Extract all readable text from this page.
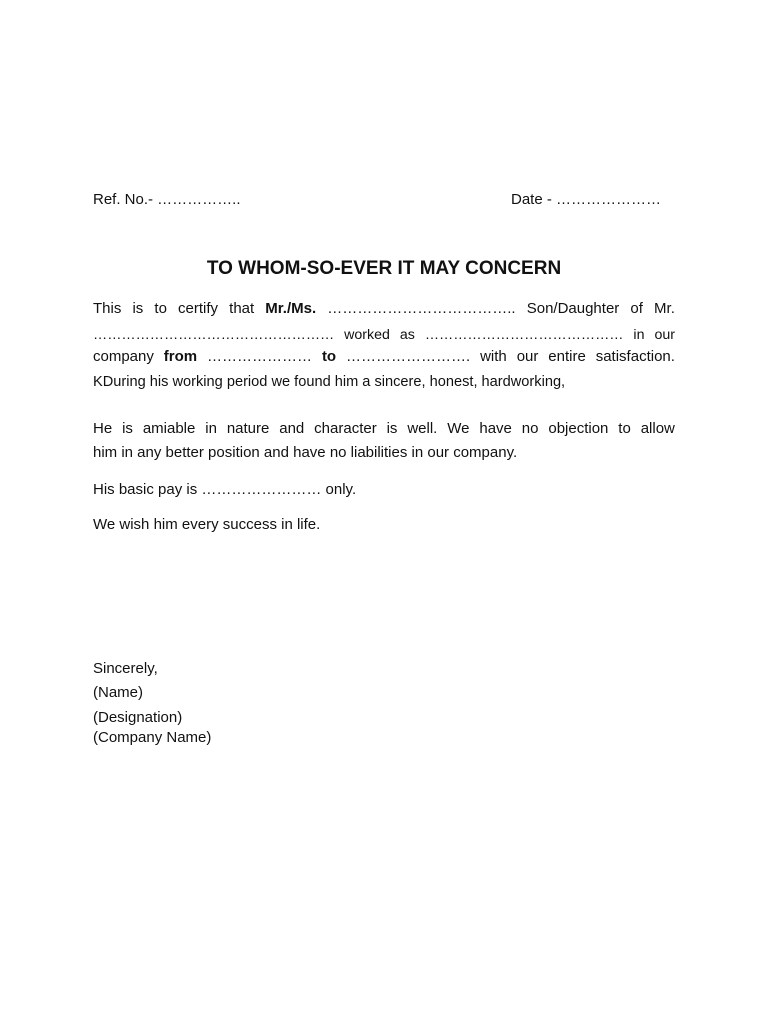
Ref. No.- ……………..	Date - …………………
TO WHOM-SO-EVER IT MAY CONCERN
This is to certify that Mr./Ms. ……………………………….. Son/Daughter of Mr.
…………………………………………… worked as …………………………………… in our
company from ………………… to ……………………. with our entire satisfaction.
KDuring his working period we found him a sincere, honest, hardworking,
He is amiable in nature and character is well. We have no objection to allow
him in any better position and have no liabilities in our company.
His basic pay is …………………… only.
We wish him every success in life.
Sincerely,
(Name)
(Designation)
(Company Name)
